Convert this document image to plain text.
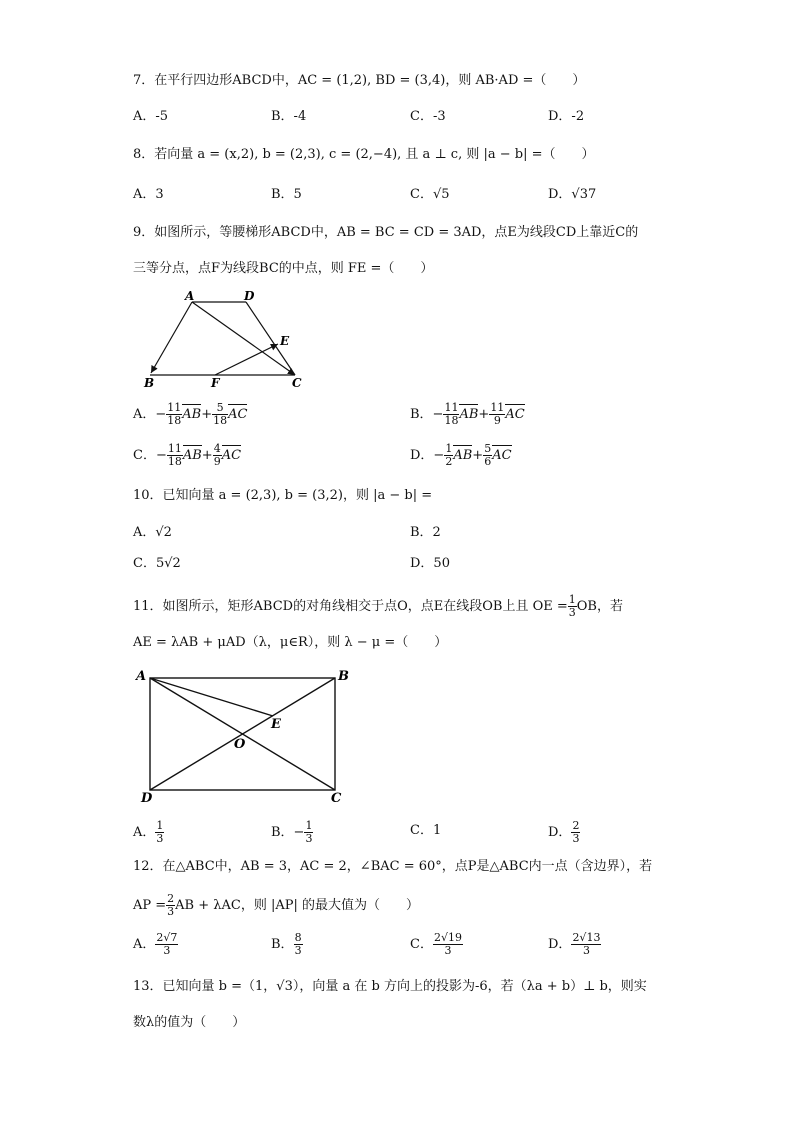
7．在平行四边形ABCD中，AC = (1,2), BD = (3,4)，则 AB·AD =（　　）
A．-5	B．-4	C．-3	D．-2
8．若向量 a = (x,2), b = (2,3), c = (2,−4), 且 a ⊥ c, 则 |a − b| =（　　）
A．3	B．5	C．√5	D．√37
9．如图所示，等腰梯形ABCD中，AB = BC = CD = 3AD，点E为线段CD上靠近C的
三等分点，点F为线段BC的中点，则 FE =（　　）
A	D
E
B	F	C
A．− $\frac{11}{18} AB+ \frac{5}{18}$ AC	B．− $\frac{11}{18} AB+ \frac{11}{9}$ AC
C．− $\frac{11}{18} AB+ \frac{4}{9}$ AC	D．− $\frac{1}{2} AB+ \frac{5}{6}$ AC
10．已知向量 a = (2,3), b = (3,2)，则 |a − b| =
A．√2	B．2
C．5√2	D．50
11．如图所示，矩形ABCD的对角线相交于点O，点E在线段OB上且 OE = $\frac{1}{3}$ OB，若
AE = λAB + μAD（λ，μ∈R），则 λ − μ =（　　）
A	B
E
O
D	C
A． $\frac{1}{3}$	B．− $\frac{1}{3}$	C．1	D． $\frac{2}{3}$
12．在△ABC中，AB = 3，AC = 2，∠BAC = 60°，点P是△ABC内一点（含边界），若
AP = $\frac{2}{3}$ AB + λAC，则 |AP| 的最大值为（　　）
A． $\frac{2√7}{3}$	B． $\frac{8}{3}$	C． $\frac{2√19}{3}$	D． $\frac{2√13}{3}$
13．已知向量 b =（1，√3），向量 a 在 b 方向上的投影为-6，若（λa + b）⊥ b，则实
数λ的值为（　　）
